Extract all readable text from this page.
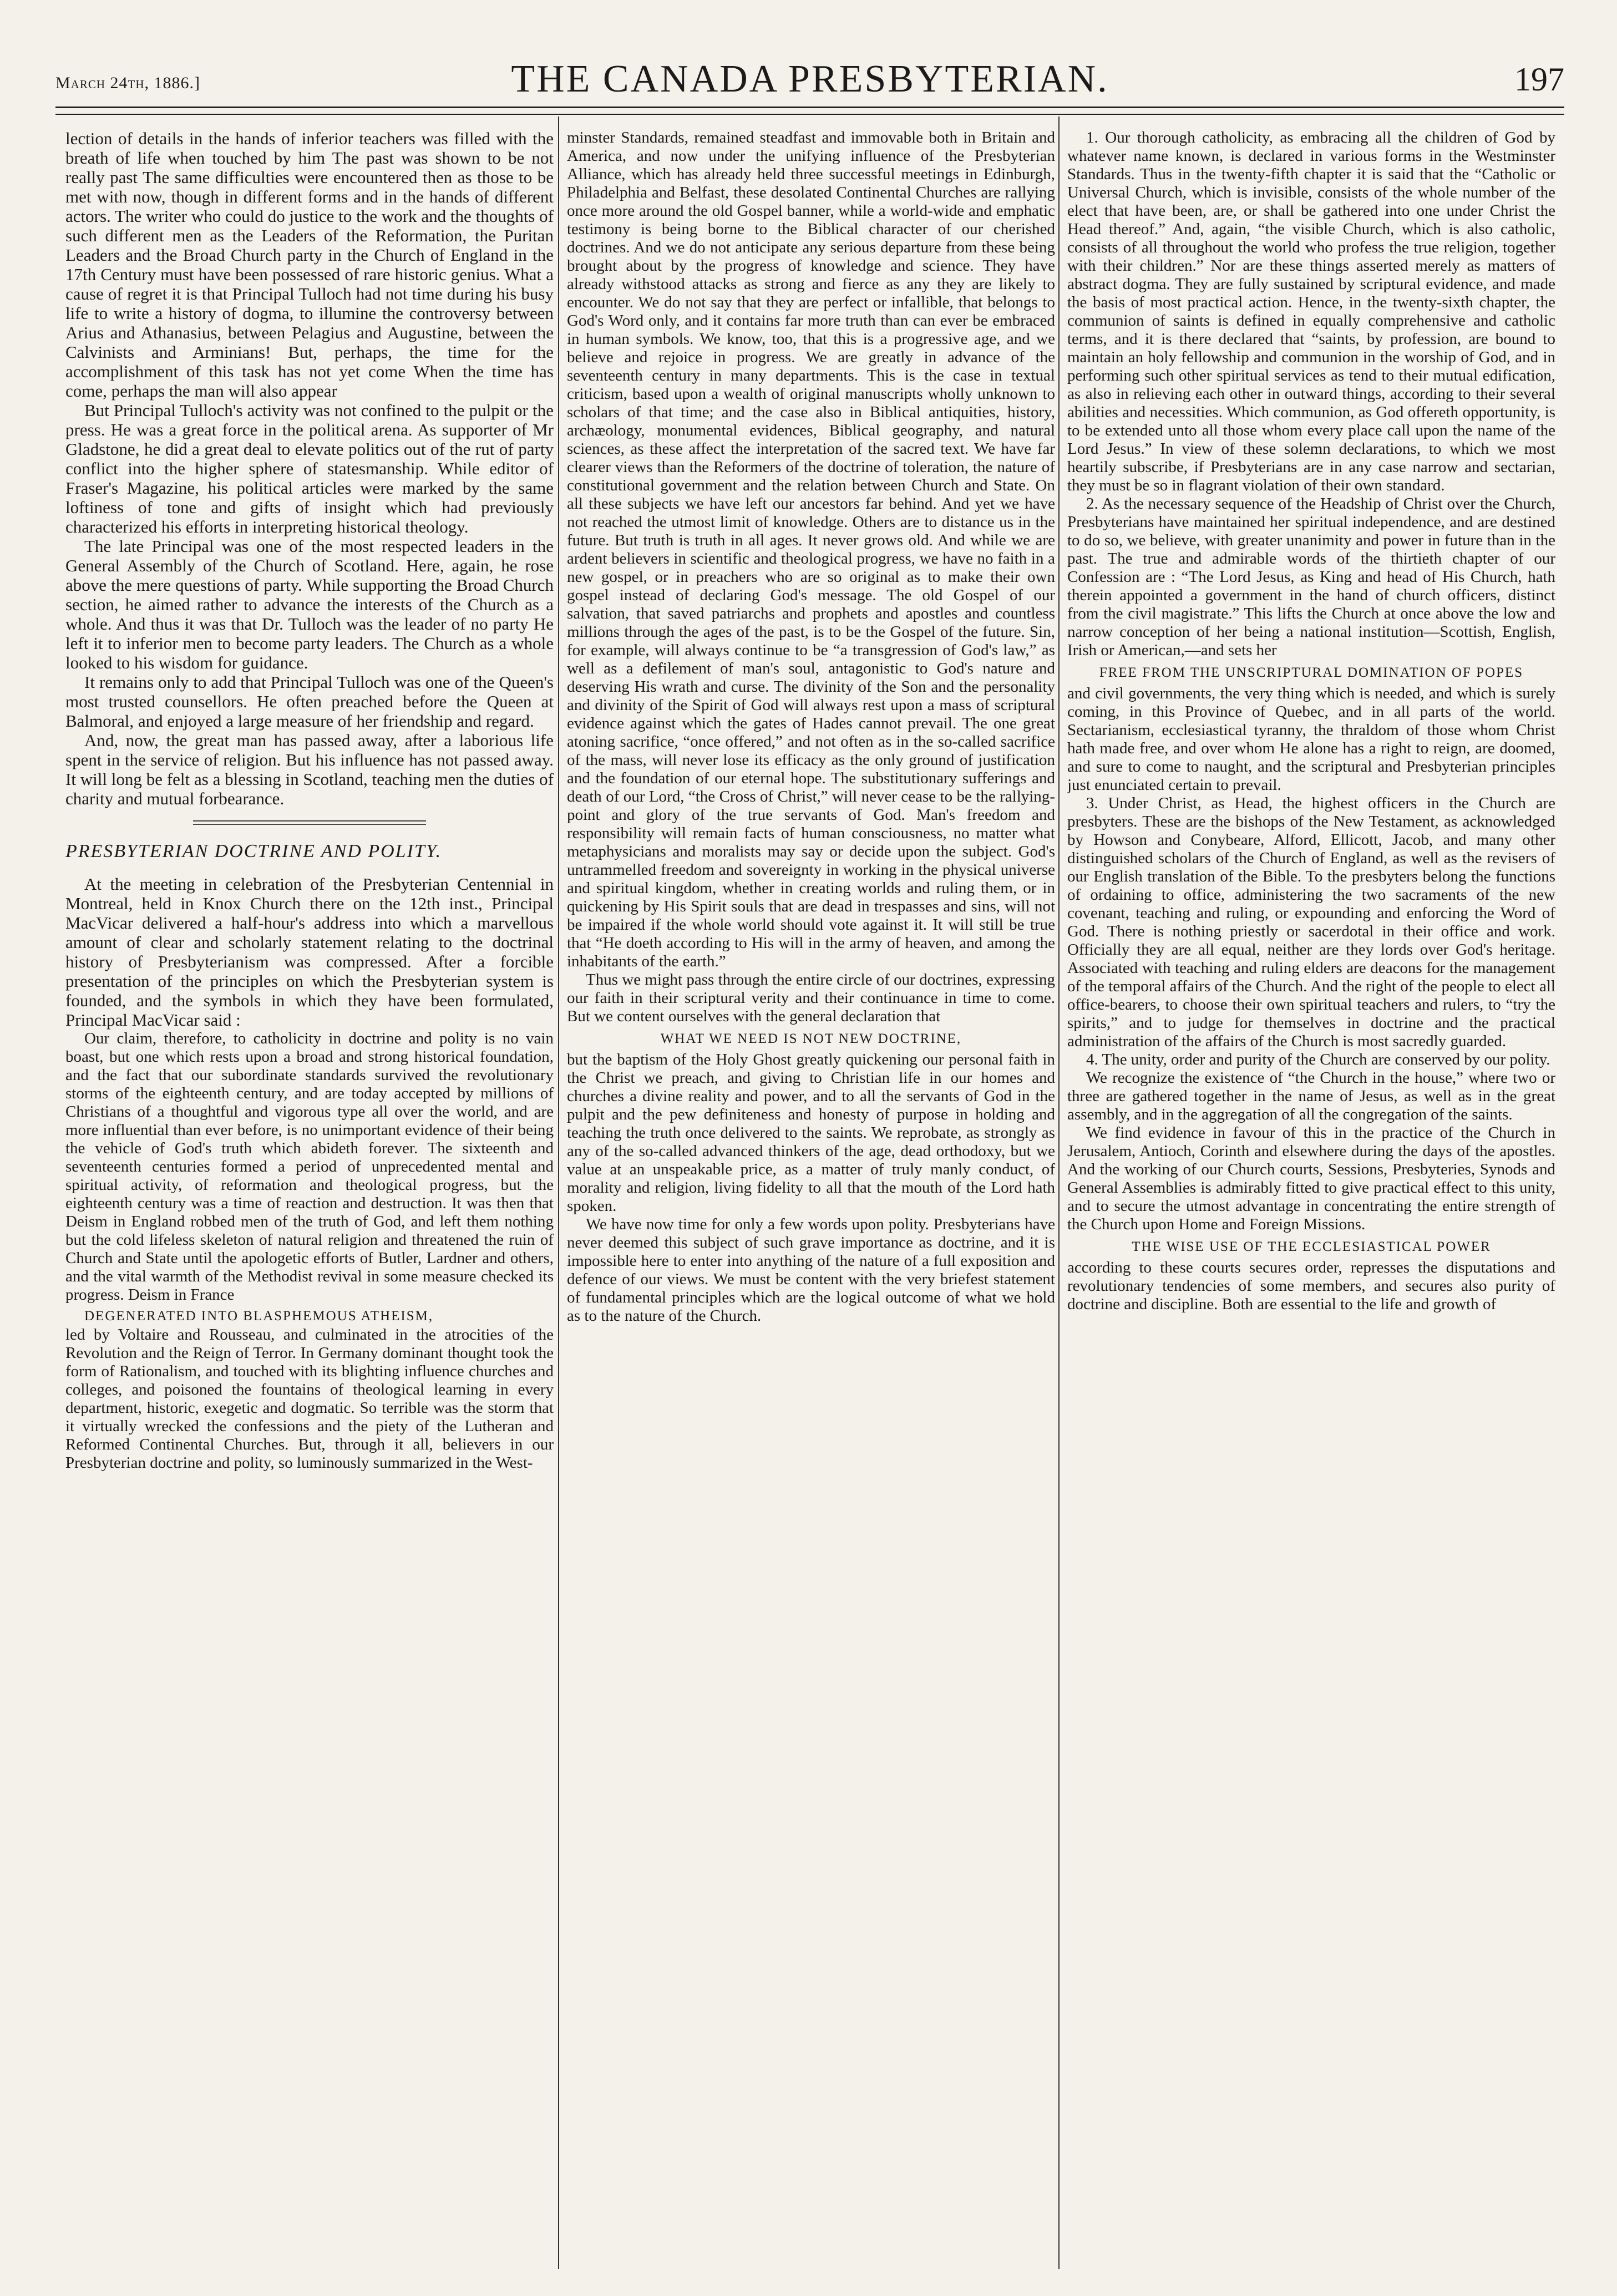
March 24th, 1886.]	THE CANADA PRESBYTERIAN.	197

lection of details in the hands of inferior teachers was filled with the breath of life when touched by him The past was shown to be not really past The same difficulties were encountered then as those to be met with now, though in different forms and in the hands of different actors. The writer who could do justice to the work and the thoughts of such different men as the Leaders of the Reformation, the Puritan Leaders and the Broad Church party in the Church of England in the 17th Century must have been possessed of rare historic genius. What a cause of regret it is that Principal Tulloch had not time during his busy life to write a history of dogma, to illumine the controversy between Arius and Athanasius, between Pelagius and Augustine, between the Calvinists and Arminians! But, perhaps, the time for the accomplishment of this task has not yet come When the time has come, perhaps the man will also appear

But Principal Tulloch's activity was not confined to the pulpit or the press. He was a great force in the political arena. As supporter of Mr Gladstone, he did a great deal to elevate politics out of the rut of party conflict into the higher sphere of statesmanship. While editor of Fraser's Magazine, his political articles were marked by the same loftiness of tone and gifts of insight which had previously characterized his efforts in interpreting historical theology.

The late Principal was one of the most respected leaders in the General Assembly of the Church of Scotland. Here, again, he rose above the mere questions of party. While supporting the Broad Church section, he aimed rather to advance the interests of the Church as a whole. And thus it was that Dr. Tulloch was the leader of no party He left it to inferior men to become party leaders. The Church as a whole looked to his wisdom for guidance.

It remains only to add that Principal Tulloch was one of the Queen's most trusted counsellors. He often preached before the Queen at Balmoral, and enjoyed a large measure of her friendship and regard.

And, now, the great man has passed away, after a laborious life spent in the service of religion. But his influence has not passed away. It will long be felt as a blessing in Scotland, teaching men the duties of charity and mutual forbearance.

PRESBYTERIAN DOCTRINE AND POLITY.

At the meeting in celebration of the Presbyterian Centennial in Montreal, held in Knox Church there on the 12th inst., Principal MacVicar delivered a half-hour's address into which a marvellous amount of clear and scholarly statement relating to the doctrinal history of Presbyterianism was compressed. After a forcible presentation of the principles on which the Presbyterian system is founded, and the symbols in which they have been formulated, Principal MacVicar said :

Our claim, therefore, to catholicity in doctrine and polity is no vain boast, but one which rests upon a broad and strong historical foundation, and the fact that our subordinate standards survived the revolutionary storms of the eighteenth century, and are today accepted by millions of Christians of a thoughtful and vigorous type all over the world, and are more influential than ever before, is no unimportant evidence of their being the vehicle of God's truth which abideth forever. The sixteenth and seventeenth centuries formed a period of unprecedented mental and spiritual activity, of reformation and theological progress, but the eighteenth century was a time of reaction and destruction. It was then that Deism in England robbed men of the truth of God, and left them nothing but the cold lifeless skeleton of natural religion and threatened the ruin of Church and State until the apologetic efforts of Butler, Lardner and others, and the vital warmth of the Methodist revival in some measure checked its progress. Deism in France

DEGENERATED INTO BLASPHEMOUS ATHEISM,

led by Voltaire and Rousseau, and culminated in the atrocities of the Revolution and the Reign of Terror. In Germany dominant thought took the form of Rationalism, and touched with its blighting influence churches and colleges, and poisoned the fountains of theological learning in every department, historic, exegetic and dogmatic. So terrible was the storm that it virtually wrecked the confessions and the piety of the Lutheran and Reformed Continental Churches. But, through it all, believers in our Presbyterian doctrine and polity, so luminously summarized in the West-

minster Standards, remained steadfast and immovable both in Britain and America, and now under the unifying influence of the Presbyterian Alliance, which has already held three successful meetings in Edinburgh, Philadelphia and Belfast, these desolated Continental Churches are rallying once more around the old Gospel banner, while a world-wide and emphatic testimony is being borne to the Biblical character of our cherished doctrines. And we do not anticipate any serious departure from these being brought about by the progress of knowledge and science. They have already withstood attacks as strong and fierce as any they are likely to encounter. We do not say that they are perfect or infallible, that belongs to God's Word only, and it contains far more truth than can ever be embraced in human symbols. We know, too, that this is a progressive age, and we believe and rejoice in progress. We are greatly in advance of the seventeenth century in many departments. This is the case in textual criticism, based upon a wealth of original manuscripts wholly unknown to scholars of that time; and the case also in Biblical antiquities, history, archæology, monumental evidences, Biblical geography, and natural sciences, as these affect the interpretation of the sacred text. We have far clearer views than the Reformers of the doctrine of toleration, the nature of constitutional government and the relation between Church and State. On all these subjects we have left our ancestors far behind. And yet we have not reached the utmost limit of knowledge. Others are to distance us in the future. But truth is truth in all ages. It never grows old. And while we are ardent believers in scientific and theological progress, we have no faith in a new gospel, or in preachers who are so original as to make their own gospel instead of declaring God's message. The old Gospel of our salvation, that saved patriarchs and prophets and apostles and countless millions through the ages of the past, is to be the Gospel of the future. Sin, for example, will always continue to be “a transgression of God's law,” as well as a defilement of man's soul, antagonistic to God's nature and deserving His wrath and curse. The divinity of the Son and the personality and divinity of the Spirit of God will always rest upon a mass of scriptural evidence against which the gates of Hades cannot prevail. The one great atoning sacrifice, “once offered,” and not often as in the so-called sacrifice of the mass, will never lose its efficacy as the only ground of justification and the foundation of our eternal hope. The substitutionary sufferings and death of our Lord, “the Cross of Christ,” will never cease to be the rallying-point and glory of the true servants of God. Man's freedom and responsibility will remain facts of human consciousness, no matter what metaphysicians and moralists may say or decide upon the subject. God's untrammelled freedom and sovereignty in working in the physical universe and spiritual kingdom, whether in creating worlds and ruling them, or in quickening by His Spirit souls that are dead in trespasses and sins, will not be impaired if the whole world should vote against it. It will still be true that “He doeth according to His will in the army of heaven, and among the inhabitants of the earth.”

Thus we might pass through the entire circle of our doctrines, expressing our faith in their scriptural verity and their continuance in time to come. But we content ourselves with the general declaration that

WHAT WE NEED IS NOT NEW DOCTRINE,

but the baptism of the Holy Ghost greatly quickening our personal faith in the Christ we preach, and giving to Christian life in our homes and churches a divine reality and power, and to all the servants of God in the pulpit and the pew definiteness and honesty of purpose in holding and teaching the truth once delivered to the saints. We reprobate, as strongly as any of the so-called advanced thinkers of the age, dead orthodoxy, but we value at an unspeakable price, as a matter of truly manly conduct, of morality and religion, living fidelity to all that the mouth of the Lord hath spoken.

We have now time for only a few words upon polity. Presbyterians have never deemed this subject of such grave importance as doctrine, and it is impossible here to enter into anything of the nature of a full exposition and defence of our views. We must be content with the very briefest statement of fundamental principles which are the logical outcome of what we hold as to the nature of the Church.

1. Our thorough catholicity, as embracing all the children of God by whatever name known, is declared in various forms in the Westminster Standards. Thus in the twenty-fifth chapter it is said that the “Catholic or Universal Church, which is invisible, consists of the whole number of the elect that have been, are, or shall be gathered into one under Christ the Head thereof.” And, again, “the visible Church, which is also catholic, consists of all throughout the world who profess the true religion, together with their children.” Nor are these things asserted merely as matters of abstract dogma. They are fully sustained by scriptural evidence, and made the basis of most practical action. Hence, in the twenty-sixth chapter, the communion of saints is defined in equally comprehensive and catholic terms, and it is there declared that “saints, by profession, are bound to maintain an holy fellowship and communion in the worship of God, and in performing such other spiritual services as tend to their mutual edification, as also in relieving each other in outward things, according to their several abilities and necessities. Which communion, as God offereth opportunity, is to be extended unto all those whom every place call upon the name of the Lord Jesus.” In view of these solemn declarations, to which we most heartily subscribe, if Presbyterians are in any case narrow and sectarian, they must be so in flagrant violation of their own standard.

2. As the necessary sequence of the Headship of Christ over the Church, Presbyterians have maintained her spiritual independence, and are destined to do so, we believe, with greater unanimity and power in future than in the past. The true and admirable words of the thirtieth chapter of our Confession are : “The Lord Jesus, as King and head of His Church, hath therein appointed a government in the hand of church officers, distinct from the civil magistrate.” This lifts the Church at once above the low and narrow conception of her being a national institution—Scottish, English, Irish or American,—and sets her

FREE FROM THE UNSCRIPTURAL DOMINATION OF POPES

and civil governments, the very thing which is needed, and which is surely coming, in this Province of Quebec, and in all parts of the world. Sectarianism, ecclesiastical tyranny, the thraldom of those whom Christ hath made free, and over whom He alone has a right to reign, are doomed, and sure to come to naught, and the scriptural and Presbyterian principles just enunciated certain to prevail.

3. Under Christ, as Head, the highest officers in the Church are presbyters. These are the bishops of the New Testament, as acknowledged by Howson and Conybeare, Alford, Ellicott, Jacob, and many other distinguished scholars of the Church of England, as well as the revisers of our English translation of the Bible. To the presbyters belong the functions of ordaining to office, administering the two sacraments of the new covenant, teaching and ruling, or expounding and enforcing the Word of God. There is nothing priestly or sacerdotal in their office and work. Officially they are all equal, neither are they lords over God's heritage. Associated with teaching and ruling elders are deacons for the management of the temporal affairs of the Church. And the right of the people to elect all office-bearers, to choose their own spiritual teachers and rulers, to “try the spirits,” and to judge for themselves in doctrine and the practical administration of the affairs of the Church is most sacredly guarded.

4. The unity, order and purity of the Church are conserved by our polity.

We recognize the existence of “the Church in the house,” where two or three are gathered together in the name of Jesus, as well as in the great assembly, and in the aggregation of all the congregation of the saints.

We find evidence in favour of this in the practice of the Church in Jerusalem, Antioch, Corinth and elsewhere during the days of the apostles. And the working of our Church courts, Sessions, Presbyteries, Synods and General Assemblies is admirably fitted to give practical effect to this unity, and to secure the utmost advantage in concentrating the entire strength of the Church upon Home and Foreign Missions.

THE WISE USE OF THE ECCLESIASTICAL POWER

according to these courts secures order, represses the disputations and revolutionary tendencies of some members, and secures also purity of doctrine and discipline. Both are essential to the life and growth of
